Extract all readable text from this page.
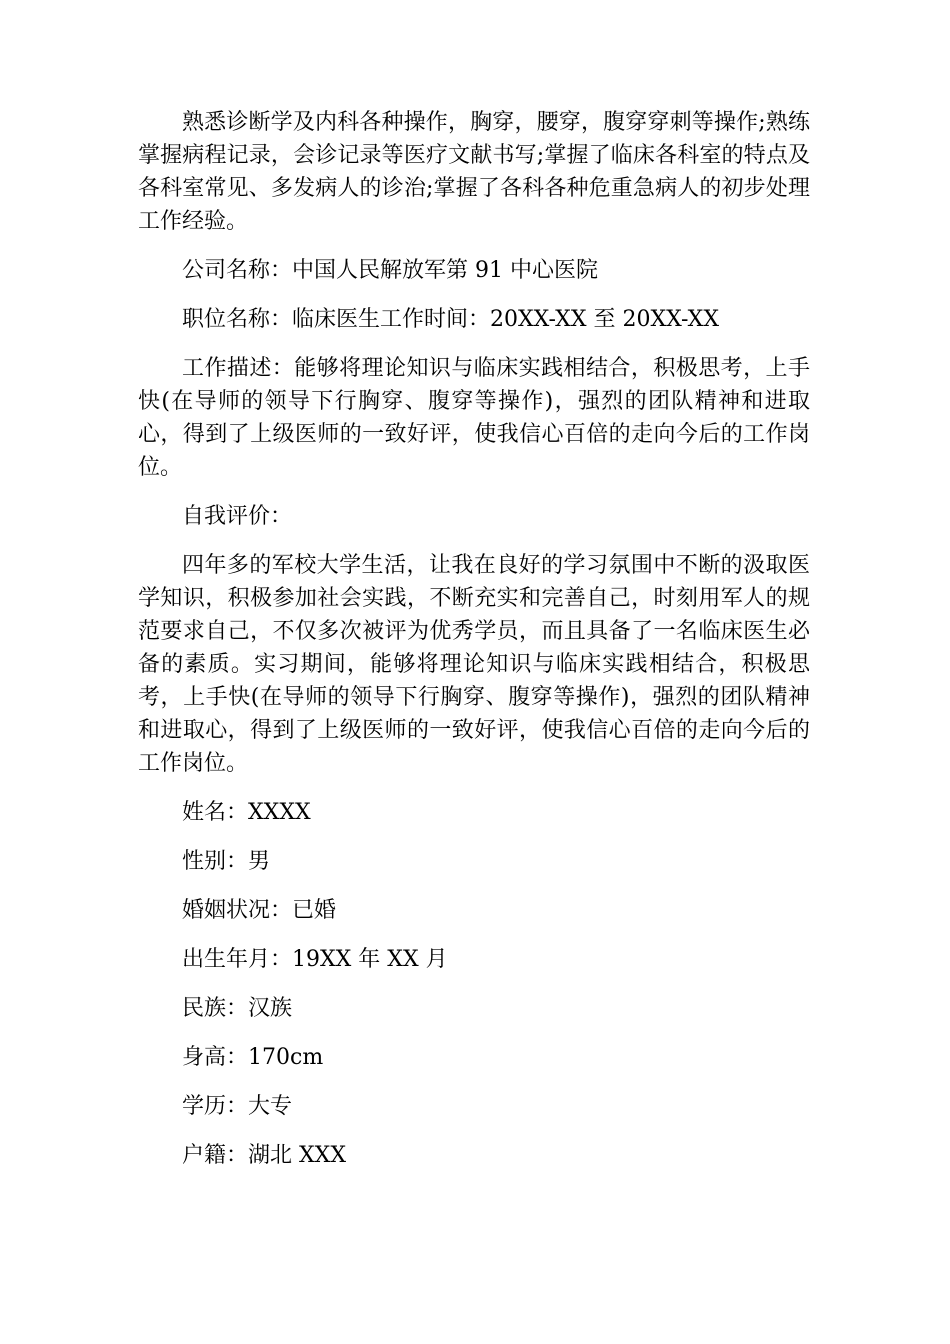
熟悉诊断学及内科各种操作，胸穿，腰穿，腹穿穿刺等操作;熟练掌握病程记录，会诊记录等医疗文献书写;掌握了临床各科室的特点及各科室常见、多发病人的诊治;掌握了各科各种危重急病人的初步处理工作经验。

公司名称：中国人民解放军第 91 中心医院

职位名称：临床医生工作时间：20XX-XX 至 20XX-XX

工作描述：能够将理论知识与临床实践相结合，积极思考，上手快(在导师的领导下行胸穿、腹穿等操作)，强烈的团队精神和进取心，得到了上级医师的一致好评，使我信心百倍的走向今后的工作岗位。

自我评价：

四年多的军校大学生活，让我在良好的学习氛围中不断的汲取医学知识，积极参加社会实践，不断充实和完善自己，时刻用军人的规范要求自己，不仅多次被评为优秀学员，而且具备了一名临床医生必备的素质。实习期间，能够将理论知识与临床实践相结合，积极思考，上手快(在导师的领导下行胸穿、腹穿等操作)，强烈的团队精神和进取心，得到了上级医师的一致好评，使我信心百倍的走向今后的工作岗位。

姓名：XXXX

性别：男

婚姻状况：已婚

出生年月：19XX 年 XX 月

民族：汉族

身高：170cm

学历：大专

户籍：湖北 XXX
